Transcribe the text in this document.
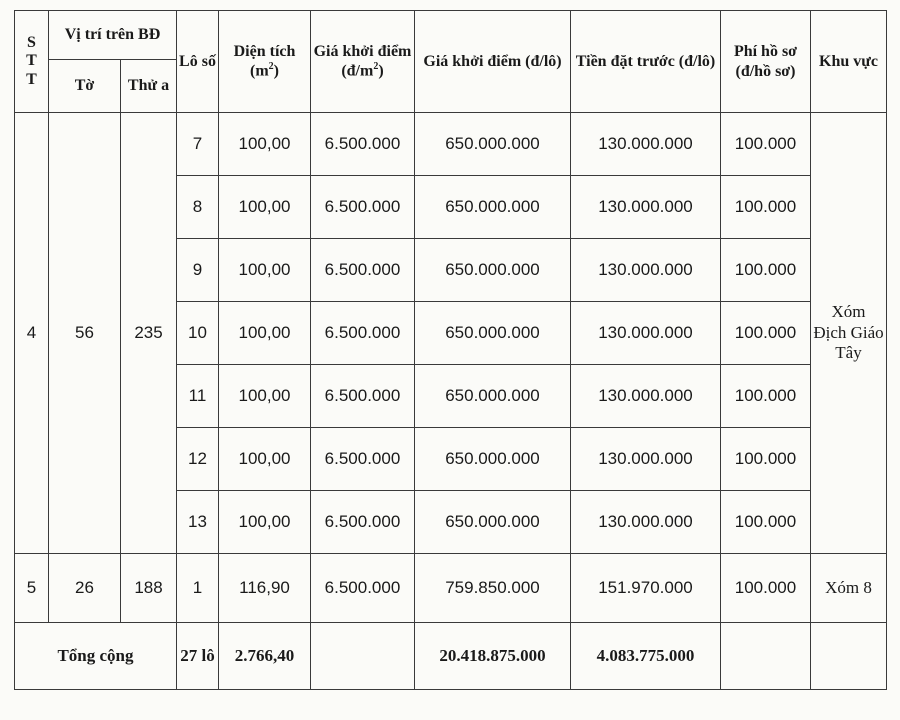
S
T
T	Vị trí trên BĐ		Lô số	Diện tích $(m^2)$	Giá khởi điểm $(đ/m^2)$	Giá khởi điểm (đ/lô)	Tiền đặt trước (đ/lô)	Phí hồ sơ (đ/hồ sơ)	Khu vực
	Tờ	Thử a							
4	56	235	7	100,00	6.500.000	650.000.000	130.000.000	100.000	Xóm Địch Giáo Tây
			8	100,00	6.500.000	650.000.000	130.000.000	100.000	
			9	100,00	6.500.000	650.000.000	130.000.000	100.000	
			10	100,00	6.500.000	650.000.000	130.000.000	100.000	
			11	100,00	6.500.000	650.000.000	130.000.000	100.000	
			12	100,00	6.500.000	650.000.000	130.000.000	100.000	
			13	100,00	6.500.000	650.000.000	130.000.000	100.000	
5	26	188	1	116,90	6.500.000	759.850.000	151.970.000	100.000	Xóm 8
Tổng cộng			27 lô	2.766,40		20.418.875.000	4.083.775.000		
